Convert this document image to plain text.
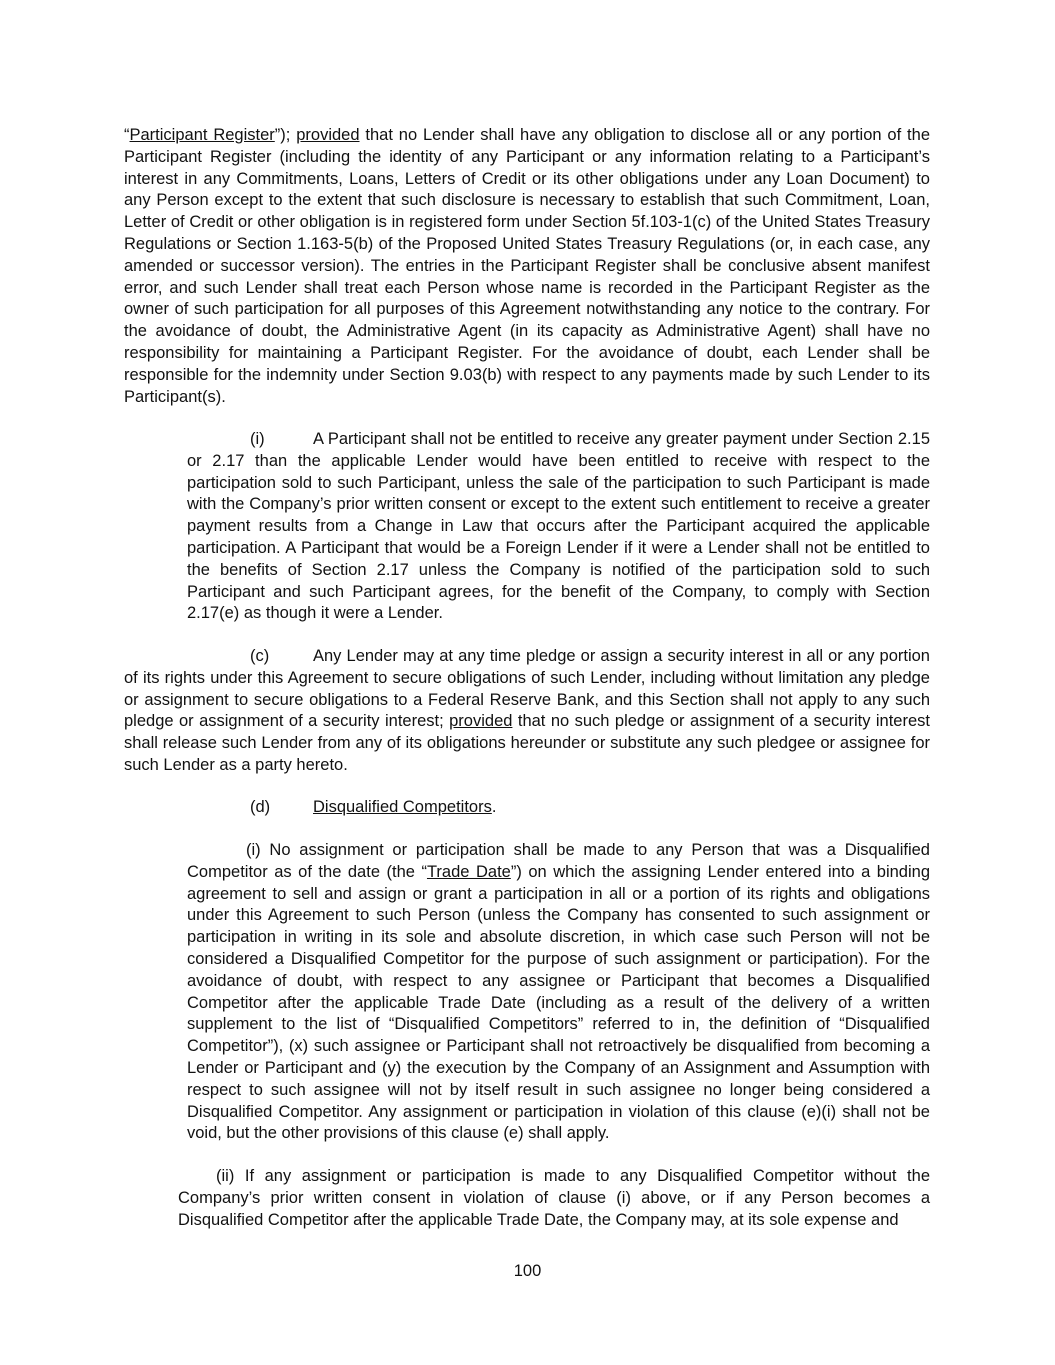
“Participant Register”); provided that no Lender shall have any obligation to disclose all or any portion of the Participant Register (including the identity of any Participant or any information relating to a Participant’s interest in any Commitments, Loans, Letters of Credit or its other obligations under any Loan Document) to any Person except to the extent that such disclosure is necessary to establish that such Commitment, Loan, Letter of Credit or other obligation is in registered form under Section 5f.103-1(c) of the United States Treasury Regulations or Section 1.163-5(b) of the Proposed United States Treasury Regulations (or, in each case, any amended or successor version). The entries in the Participant Register shall be conclusive absent manifest error, and such Lender shall treat each Person whose name is recorded in the Participant Register as the owner of such participation for all purposes of this Agreement notwithstanding any notice to the contrary. For the avoidance of doubt, the Administrative Agent (in its capacity as Administrative Agent) shall have no responsibility for maintaining a Participant Register. For the avoidance of doubt, each Lender shall be responsible for the indemnity under Section 9.03(b) with respect to any payments made by such Lender to its Participant(s).

(i)	A Participant shall not be entitled to receive any greater payment under Section 2.15 or 2.17 than the applicable Lender would have been entitled to receive with respect to the participation sold to such Participant, unless the sale of the participation to such Participant is made with the Company’s prior written consent or except to the extent such entitlement to receive a greater payment results from a Change in Law that occurs after the Participant acquired the applicable participation. A Participant that would be a Foreign Lender if it were a Lender shall not be entitled to the benefits of Section 2.17 unless the Company is notified of the participation sold to such Participant and such Participant agrees, for the benefit of the Company, to comply with Section 2.17(e) as though it were a Lender.

(c)	Any Lender may at any time pledge or assign a security interest in all or any portion of its rights under this Agreement to secure obligations of such Lender, including without limitation any pledge or assignment to secure obligations to a Federal Reserve Bank, and this Section shall not apply to any such pledge or assignment of a security interest; provided that no such pledge or assignment of a security interest shall release such Lender from any of its obligations hereunder or substitute any such pledgee or assignee for such Lender as a party hereto.

(d)	Disqualified Competitors.

(i) No assignment or participation shall be made to any Person that was a Disqualified Competitor as of the date (the “Trade Date”) on which the assigning Lender entered into a binding agreement to sell and assign or grant a participation in all or a portion of its rights and obligations under this Agreement to such Person (unless the Company has consented to such assignment or participation in writing in its sole and absolute discretion, in which case such Person will not be considered a Disqualified Competitor for the purpose of such assignment or participation). For the avoidance of doubt, with respect to any assignee or Participant that becomes a Disqualified Competitor after the applicable Trade Date (including as a result of the delivery of a written supplement to the list of “Disqualified Competitors” referred to in, the definition of “Disqualified Competitor”), (x) such assignee or Participant shall not retroactively be disqualified from becoming a Lender or Participant and (y) the execution by the Company of an Assignment and Assumption with respect to such assignee will not by itself result in such assignee no longer being considered a Disqualified Competitor. Any assignment or participation in violation of this clause (e)(i) shall not be void, but the other provisions of this clause (e) shall apply.

(ii) If any assignment or participation is made to any Disqualified Competitor without the Company’s prior written consent in violation of clause (i) above, or if any Person becomes a Disqualified Competitor after the applicable Trade Date, the Company may, at its sole expense and

100
